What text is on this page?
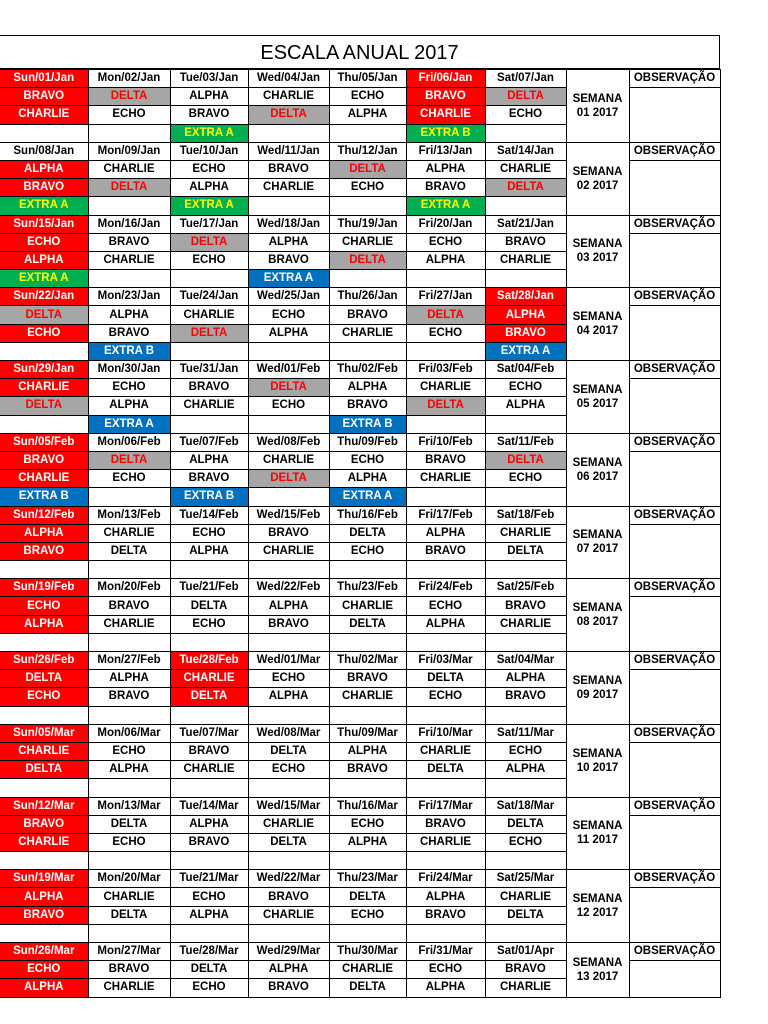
ESCALA ANUAL 2017
Sun/01/Jan	Mon/02/Jan	Tue/03/Jan	Wed/04/Jan	Thu/05/Jan	Fri/06/Jan	Sat/07/Jan	SEMANA 01 2017	OBSERVAÇÃO
BRAVO	DELTA	ALPHA	CHARLIE	ECHO	BRAVO	DELTA		
CHARLIE	ECHO	BRAVO	DELTA	ALPHA	CHARLIE	ECHO		
		EXTRA A			EXTRA B			
Sun/08/Jan	Mon/09/Jan	Tue/10/Jan	Wed/11/Jan	Thu/12/Jan	Fri/13/Jan	Sat/14/Jan	SEMANA 02 2017	OBSERVAÇÃO
ALPHA	CHARLIE	ECHO	BRAVO	DELTA	ALPHA	CHARLIE		
BRAVO	DELTA	ALPHA	CHARLIE	ECHO	BRAVO	DELTA		
EXTRA A		EXTRA A			EXTRA A			
Sun/15/Jan	Mon/16/Jan	Tue/17/Jan	Wed/18/Jan	Thu/19/Jan	Fri/20/Jan	Sat/21/Jan	SEMANA 03 2017	OBSERVAÇÃO
ECHO	BRAVO	DELTA	ALPHA	CHARLIE	ECHO	BRAVO		
ALPHA	CHARLIE	ECHO	BRAVO	DELTA	ALPHA	CHARLIE		
EXTRA A			EXTRA A					
Sun/22/Jan	Mon/23/Jan	Tue/24/Jan	Wed/25/Jan	Thu/26/Jan	Fri/27/Jan	Sat/28/Jan	SEMANA 04 2017	OBSERVAÇÃO
DELTA	ALPHA	CHARLIE	ECHO	BRAVO	DELTA	ALPHA		
ECHO	BRAVO	DELTA	ALPHA	CHARLIE	ECHO	BRAVO		
	EXTRA B					EXTRA A		
Sun/29/Jan	Mon/30/Jan	Tue/31/Jan	Wed/01/Feb	Thu/02/Feb	Fri/03/Feb	Sat/04/Feb	SEMANA 05 2017	OBSERVAÇÃO
CHARLIE	ECHO	BRAVO	DELTA	ALPHA	CHARLIE	ECHO		
DELTA	ALPHA	CHARLIE	ECHO	BRAVO	DELTA	ALPHA		
	EXTRA A			EXTRA B				
Sun/05/Feb	Mon/06/Feb	Tue/07/Feb	Wed/08/Feb	Thu/09/Feb	Fri/10/Feb	Sat/11/Feb	SEMANA 06 2017	OBSERVAÇÃO
BRAVO	DELTA	ALPHA	CHARLIE	ECHO	BRAVO	DELTA		
CHARLIE	ECHO	BRAVO	DELTA	ALPHA	CHARLIE	ECHO		
EXTRA B		EXTRA B		EXTRA A				
Sun/12/Feb	Mon/13/Feb	Tue/14/Feb	Wed/15/Feb	Thu/16/Feb	Fri/17/Feb	Sat/18/Feb	SEMANA 07 2017	OBSERVAÇÃO
ALPHA	CHARLIE	ECHO	BRAVO	DELTA	ALPHA	CHARLIE		
BRAVO	DELTA	ALPHA	CHARLIE	ECHO	BRAVO	DELTA		

Sun/19/Feb	Mon/20/Feb	Tue/21/Feb	Wed/22/Feb	Thu/23/Feb	Fri/24/Feb	Sat/25/Feb	SEMANA 08 2017	OBSERVAÇÃO
ECHO	BRAVO	DELTA	ALPHA	CHARLIE	ECHO	BRAVO		
ALPHA	CHARLIE	ECHO	BRAVO	DELTA	ALPHA	CHARLIE		

Sun/26/Feb	Mon/27/Feb	Tue/28/Feb	Wed/01/Mar	Thu/02/Mar	Fri/03/Mar	Sat/04/Mar	SEMANA 09 2017	OBSERVAÇÃO
DELTA	ALPHA	CHARLIE	ECHO	BRAVO	DELTA	ALPHA		
ECHO	BRAVO	DELTA	ALPHA	CHARLIE	ECHO	BRAVO		

Sun/05/Mar	Mon/06/Mar	Tue/07/Mar	Wed/08/Mar	Thu/09/Mar	Fri/10/Mar	Sat/11/Mar	SEMANA 10 2017	OBSERVAÇÃO
CHARLIE	ECHO	BRAVO	DELTA	ALPHA	CHARLIE	ECHO		
DELTA	ALPHA	CHARLIE	ECHO	BRAVO	DELTA	ALPHA		

Sun/12/Mar	Mon/13/Mar	Tue/14/Mar	Wed/15/Mar	Thu/16/Mar	Fri/17/Mar	Sat/18/Mar	SEMANA 11 2017	OBSERVAÇÃO
BRAVO	DELTA	ALPHA	CHARLIE	ECHO	BRAVO	DELTA		
CHARLIE	ECHO	BRAVO	DELTA	ALPHA	CHARLIE	ECHO		

Sun/19/Mar	Mon/20/Mar	Tue/21/Mar	Wed/22/Mar	Thu/23/Mar	Fri/24/Mar	Sat/25/Mar	SEMANA 12 2017	OBSERVAÇÃO
ALPHA	CHARLIE	ECHO	BRAVO	DELTA	ALPHA	CHARLIE		
BRAVO	DELTA	ALPHA	CHARLIE	ECHO	BRAVO	DELTA		

Sun/26/Mar	Mon/27/Mar	Tue/28/Mar	Wed/29/Mar	Thu/30/Mar	Fri/31/Mar	Sat/01/Apr	SEMANA 13 2017	OBSERVAÇÃO
ECHO	BRAVO	DELTA	ALPHA	CHARLIE	ECHO	BRAVO		
ALPHA	CHARLIE	ECHO	BRAVO	DELTA	ALPHA	CHARLIE		
